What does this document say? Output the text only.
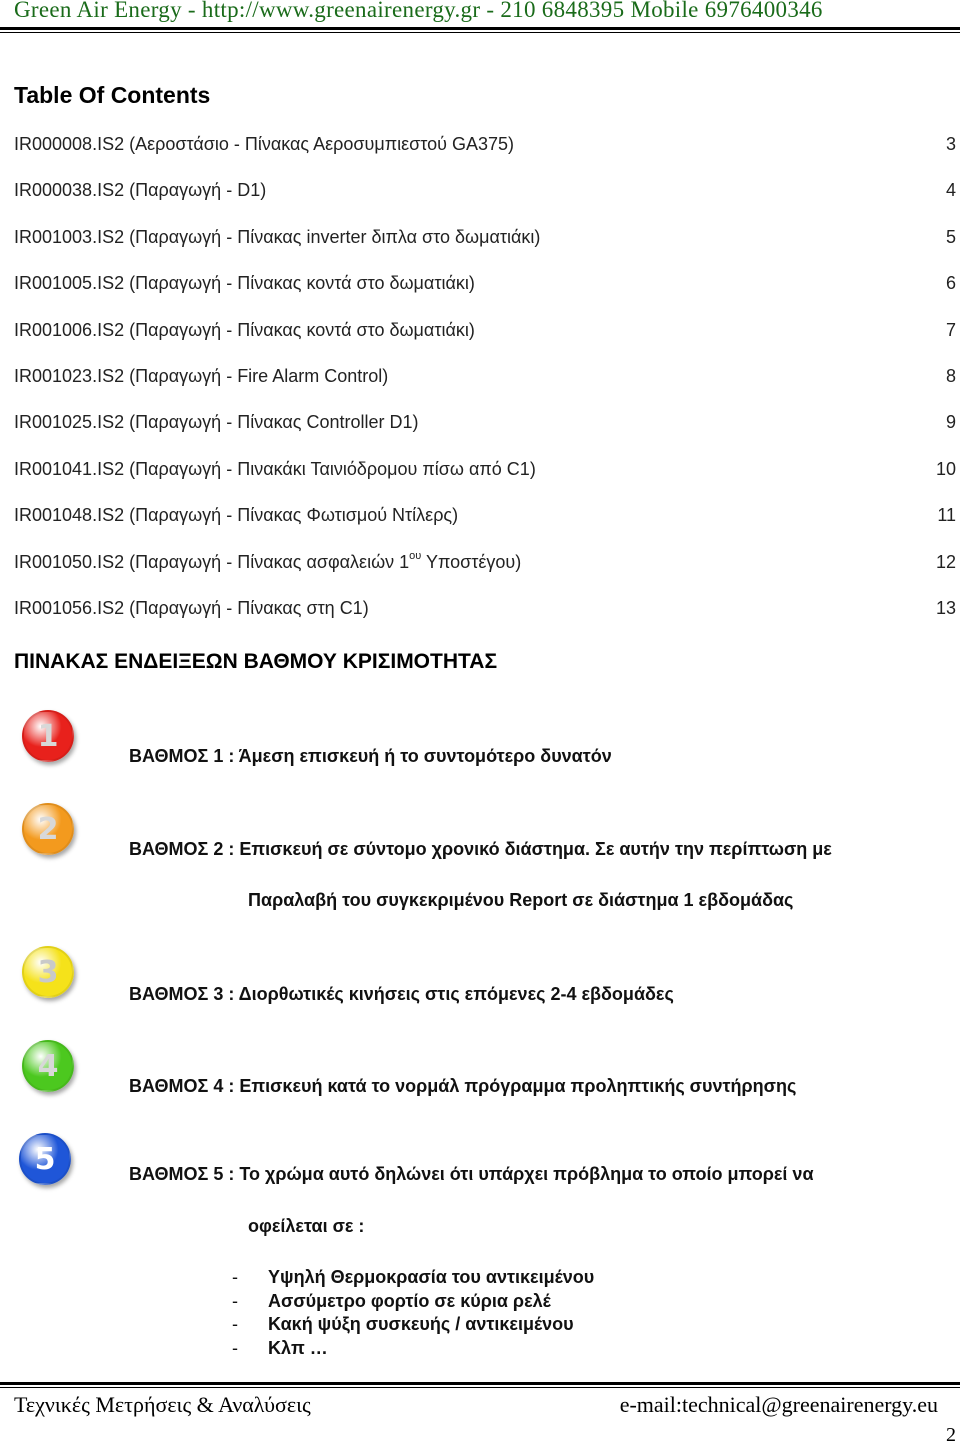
Green Air Energy - http://www.greenairenergy.gr - 210 6848395 Mobile 6976400346
Table Of Contents
IR000008.IS2 (Αεροστάσιο - Πίνακας Αεροσυμπιεστού GA375)	3
IR000038.IS2 (Παραγωγή - D1)	4
IR001003.IS2 (Παραγωγή - Πίνακας inverter διπλα στο δωματιάκι)	5
IR001005.IS2 (Παραγωγή - Πίνακας κοντά στο δωματιάκι)	6
IR001006.IS2 (Παραγωγή - Πίνακας κοντά στο δωματιάκι)	7
IR001023.IS2 (Παραγωγή - Fire Alarm Control)	8
IR001025.IS2 (Παραγωγή - Πίνακας Controller D1)	9
IR001041.IS2 (Παραγωγή - Πινακάκι Ταινιόδρομου πίσω από C1)	10
IR001048.IS2 (Παραγωγή - Πίνακας Φωτισμού Ντίλερς)	11
IR001050.IS2 (Παραγωγή - Πίνακας ασφαλειών $1^{o\upsilon}$ Υποστέγου)	12
IR001056.IS2 (Παραγωγή - Πίνακας στη C1)	13
ΠΙΝΑΚΑΣ ΕΝΔΕΙΞΕΩΝ ΒΑΘΜΟΥ ΚΡΙΣΙΜΟΤΗΤΑΣ
1
ΒΑΘΜΟΣ 1 : Άμεση επισκευή ή το συντομότερο δυνατόν
2
ΒΑΘΜΟΣ 2 : Επισκευή σε σύντομο χρονικό διάστημα. Σε αυτήν την περίπτωση με
Παραλαβή του συγκεκριμένου Report σε διάστημα 1 εβδομάδας
3
ΒΑΘΜΟΣ 3 : Διορθωτικές κινήσεις στις επόμενες 2-4 εβδομάδες
4
ΒΑΘΜΟΣ 4 : Επισκευή κατά το νορμάλ πρόγραμμα προληπτικής συντήρησης
5	ΒΑΘΜΟΣ 5 : Το χρώμα αυτό δηλώνει ότι υπάρχει πρόβλημα το οποίο μπορεί να
οφείλεται σε :
- Υψηλή Θερμοκρασία του αντικειμένου
- Ασσύμετρο φορτίο σε κύρια ρελέ
- Κακή ψύξη συσκευής / αντικειμένου
- Κλπ …
Τεχνικές Μετρήσεις & Αναλύσεις	e-mail:technical@greenairenergy.eu
2
